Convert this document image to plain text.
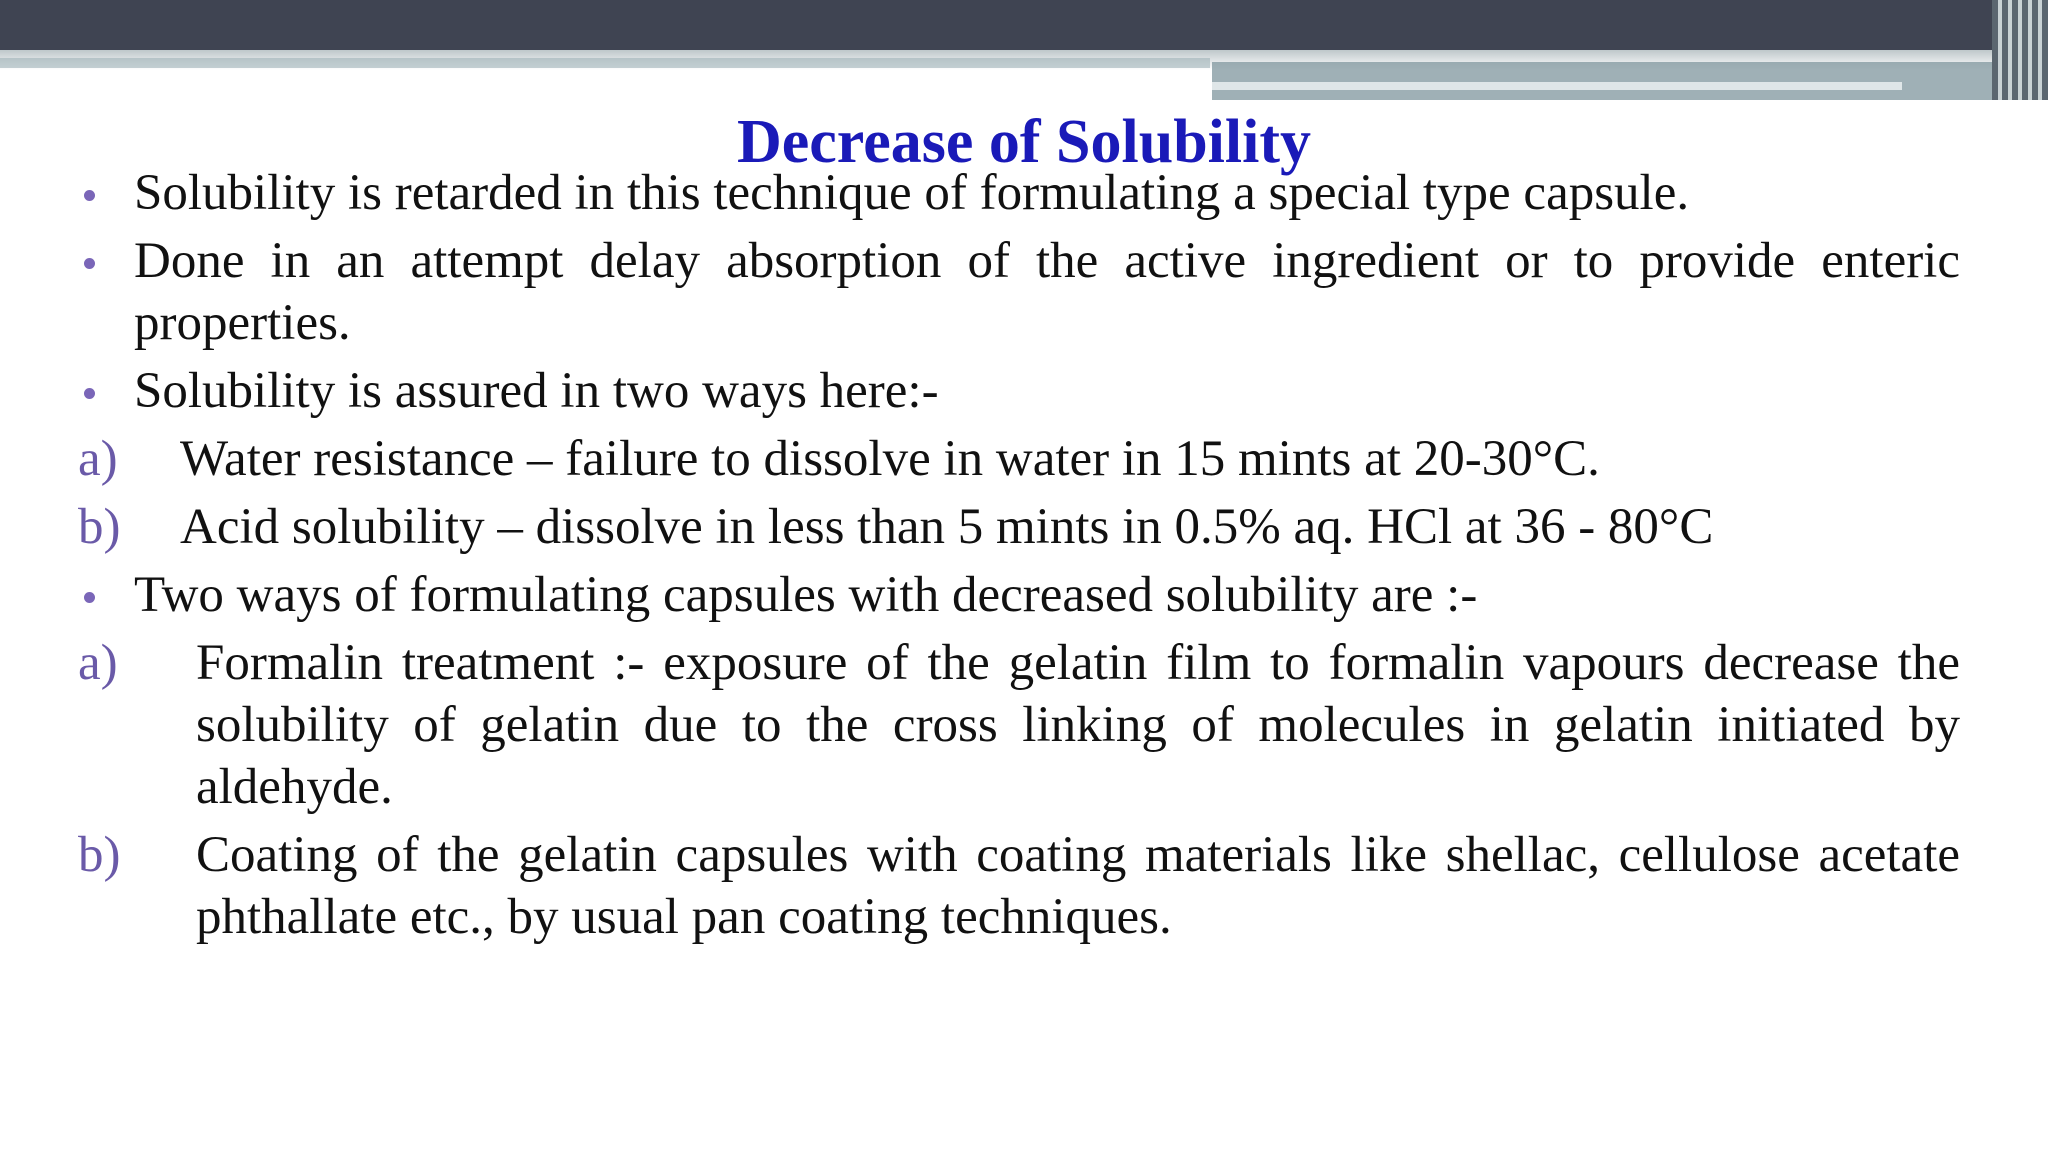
Decrease of Solubility
Solubility is retarded in this technique of formulating a special type capsule.
Done in an attempt delay absorption of the active ingredient or to provide enteric properties.
Solubility is assured in two ways here:-
a) Water resistance – failure to dissolve in water in 15 mints at 20-30°C.
b) Acid solubility – dissolve in less than 5 mints in 0.5% aq. HCl at 36 - 80°C
Two ways of formulating capsules with decreased solubility are :-
a) Formalin treatment :- exposure of the gelatin film to formalin vapours decrease the solubility of gelatin due to the cross linking of molecules in gelatin initiated by aldehyde.
b) Coating of the gelatin capsules with coating materials like shellac, cellulose acetate phthallate etc., by usual pan coating techniques.
